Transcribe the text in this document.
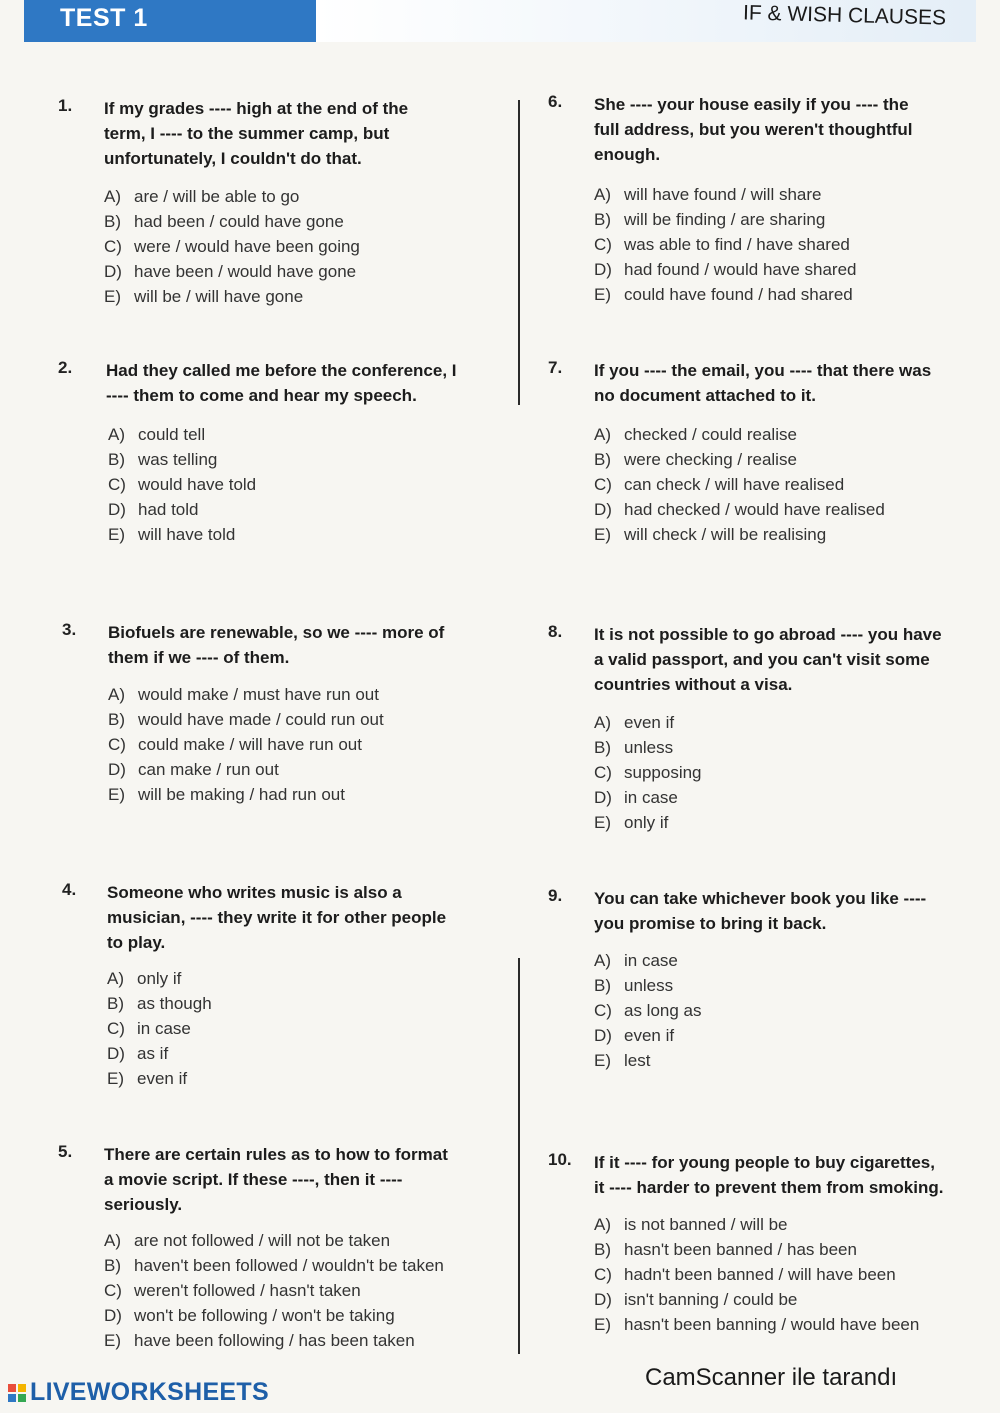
TEST 1	IF & WISH CLAUSES
1. If my grades ---- high at the end of the
term, I ---- to the summer camp, but
unfortunately, I couldn't do that.
A) are / will be able to go
B) had been / could have gone
C) were / would have been going
D) have been / would have gone
E) will be / will have gone
2. Had they called me before the conference, I
---- them to come and hear my speech.
A) could tell
B) was telling
C) would have told
D) had told
E) will have told
3. Biofuels are renewable, so we ---- more of
them if we ---- of them.
A) would make / must have run out
B) would have made / could run out
C) could make / will have run out
D) can make / run out
E) will be making / had run out
4. Someone who writes music is also a
musician, ---- they write it for other people
to play.
A) only if
B) as though
C) in case
D) as if
E) even if
5. There are certain rules as to how to format
a movie script. If these ----, then it ----
seriously.
A) are not followed / will not be taken
B) haven't been followed / wouldn't be taken
C) weren't followed / hasn't taken
D) won't be following / won't be taking
E) have been following / has been taken
6. She ---- your house easily if you ---- the
full address, but you weren't thoughtful
enough.
A) will have found / will share
B) will be finding / are sharing
C) was able to find / have shared
D) had found / would have shared
E) could have found / had shared
7. If you ---- the email, you ---- that there was
no document attached to it.
A) checked / could realise
B) were checking / realise
C) can check / will have realised
D) had checked / would have realised
E) will check / will be realising
8. It is not possible to go abroad ---- you have
a valid passport, and you can't visit some
countries without a visa.
A) even if
B) unless
C) supposing
D) in case
E) only if
9. You can take whichever book you like ----
you promise to bring it back.
A) in case
B) unless
C) as long as
D) even if
E) lest
10. If it ---- for young people to buy cigarettes,
it ---- harder to prevent them from smoking.
A) is not banned / will be
B) hasn't been banned / has been
C) hadn't been banned / will have been
D) isn't banning / could be
E) hasn't been banning / would have been
LIVEWORKSHEETS
CamScanner ile tarandı
